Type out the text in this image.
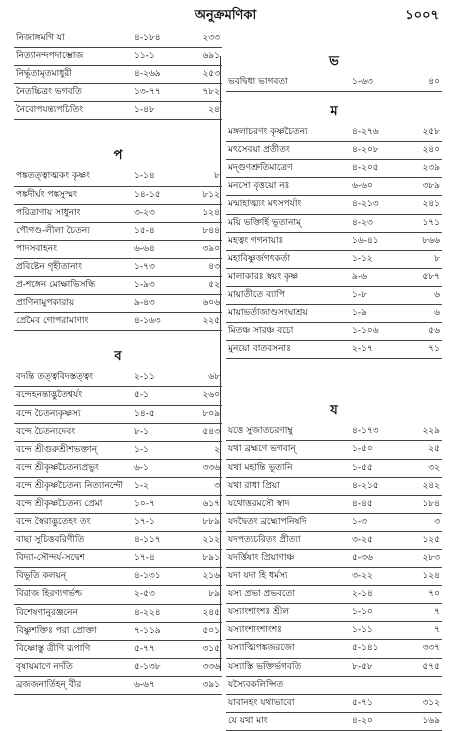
অনুক্রমণিকা	১০০৭
নিজাঙ্গমগি যা	৪-১৮৪	২৩৩
নিত্যানন্দপদাম্ভোজ	১১-১	৬৯১
নির্দ্ধূতামৃতমাধুরী	৪-২৬৯	২৫৩
নৈতচ্চিত্রং ভগবতি	১৩-৭৭	৭৮২
নৈবোপযন্ত্যপচিতিং	১-৪৮	২৪
প
পঙ্কতত্ত্বাত্মকং কৃষ্ণং	১-১৪	৮
পঙ্কদীর্ঘং পঙ্কসুস্মং	১৪-১৫	৮১২
পরিত্রাণায় সাধুনাং	৩-২৩	১২৪
পৌগণ্ড-লীলা চৈতন্য	১৫-৪	৮৪৪
পাদসবাহনং	৬-৬৪	৩৯০
প্রবিষ্টেন গৃহীতানাং	১-৭৩	৪৩
প্র-শঙ্গেন মোক্ষাভিসন্ধি	১-৯৩	৫২
প্রাণিনামুপকারায়	৯-৪৩	৬০৬
প্রেমৈব গোপরামাণাং	৪-১৬৩	২২৫
ব
বদন্তি তত্ত্ববিদস্তত্ত্বং	২-১১	৬৮
বন্দেহনন্তাদ্ভুতৈশ্বর্যং	৫-১	২৬০
বন্দে চৈতন্যকৃষ্ণস্য	১৪-৫	৮০৯
বন্দে চৈতন্যদেবং	৮-১	৫৪৩
বন্দে শ্রীগুরুশ্রীশভক্তান্	১-১	২
বন্দে শ্রীকৃষ্ণচৈতন্যপ্রভুং	৬-১	৩৩৬
বন্দে শ্রীকৃষ্ণচৈতন্য নিত্যানন্দৌ ১-২	৩
বন্দে শ্রীকৃষ্ণচৈতন্য প্রেমা	১০-৭	৬১৭
বন্দে স্বৈরাদ্ভুতেহং তং	১৭-১	৮৮৯
বাছা সুচিত্তবরিণীতি	৪-১১৭	২১২
বিদ্যা-সৌন্দর্য-সদ্বেশ	১৭-৪	৮৯১
বিভূতি কলয়ন্	৪-১৩১	২১৬
বিরাজ হিরণ্যগর্ভশ্চ	২-৫৩	৮৯
বিশেষণানুরঞ্জনেন	৪-২২৪	২৪৫
বিষ্ণুশক্তিঃ পরা প্রোক্তা	৭-১১৯	৫০১
বিষ্ণোস্তু ত্রীণি রূপাণি	৫-৭৭	৩১৫
বৃষায়মাণে নর্দতি	৫-১৩৮	৩৩৬
ব্রজজনার্তিহন্ বীর	৬-৬৭	৩৯১
ভ
ভবদ্বিধা ভাগবতা	১-৬৩	৪০
ম
মঙ্গলাচরণং কৃষ্ণচৈতন্য	৪-২৭৬	২৫৮
মৎসেবয়া প্রতীতং	৪-২০৮	২৪০
মদ্গুণশ্রুতিমাত্রেণ	৪-২০৫	২৩৯
মনসো বৃত্তয়ো নঃ	৬-৬০	৩৮৯
মন্মাহাত্ম্যং মৎসপর্যাং	৪-২১৩	২৪১
ময়ি ভক্তির্হি ভূতানাম্	৪-২৩	১৭১
মহত্বং গগনায়াঃ	১৬-৪১	৮৬৬
মহাবিষ্ণুর্জগৎকর্তা	১-১২	৮
মালাকারঃ স্বয়ং কৃষ্ণ	৯-৬	৫৮৭
মায়াতীতে ব্যাপি	১-৮	৬
মায়াভর্তাজাণ্ডসংঘাশ্রয়	১-৯	৬
মিতঞ্চ সারঞ্চ বচো	১-১০৬	৫৬
মুনয়ো বাতবসনাঃ	২-১৭	৭১
য
যত্তে সুজাতচরণাম্বু	৪-১৭৩	২২৯
যথা ব্রহ্মণে ভগবান্	১-৫০	২৫
যথা মহান্তি ভূতানি	১-৫৫	৩২
যথা রাধা প্রিয়া	৪-২১৫	২৪২
যথোত্তরমসৌ স্বাদ	৪-৪৫	১৮৪
যদদ্বৈতং ব্রহ্মোপনিষদি	১-৩	৩
যদপত্যচরিতং প্রীত্যা	৩-২৫	১২৫
যদর্ত্তিষাং প্রিয়াণাঞ্চ	৫-৩৬	২৮৩
যদা যদা হি ধর্মস্য	৩-২২	১২৪
যস্য প্রভা প্রভবতো	২-১৪	৭০
যস্যাংশাংশঃ শ্রীল	১-১০	৭
যস্যাংশাংশাংশঃ	১-১১	৭
যস্যাত্মিপঙ্কজরজো	৫-১৪১	৩৩৭
যস্যাস্তি ভক্তির্ভগবতি	৮-৫৮	৫৭৫
যস্যৈবকলিপ্সিত
যাবানহং যথাভাবো	৫-৭১	৩১২
যে যথা মাং	৪-২০	১৬৯
